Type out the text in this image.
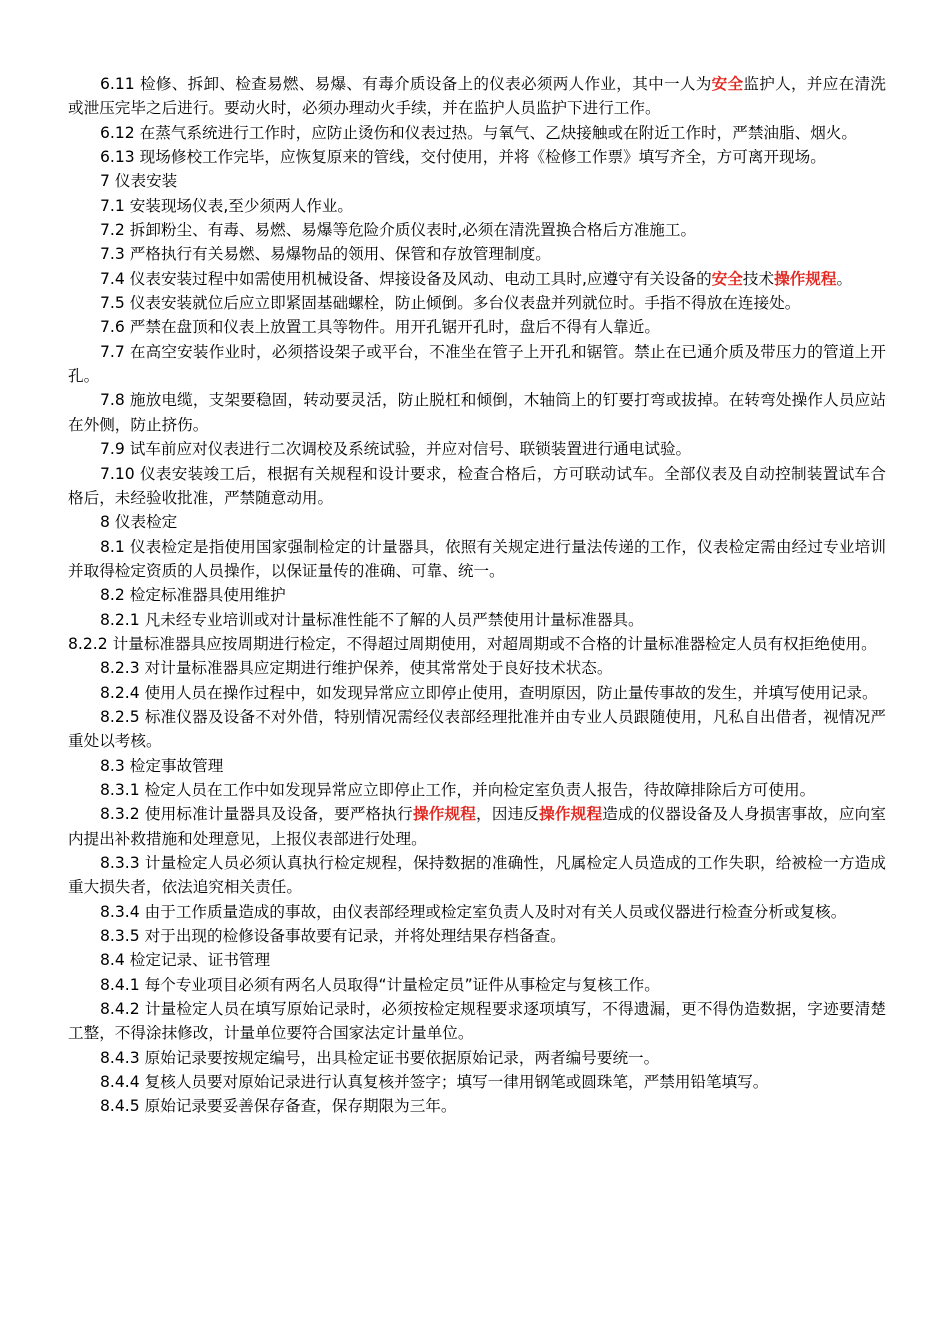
6.11 检修、拆卸、检查易燃、易爆、有毒介质设备上的仪表必须两人作业，其中一人为安全监护人，并应在清洗或泄压完毕之后进行。要动火时，必须办理动火手续，并在监护人员监护下进行工作。

6.12 在蒸气系统进行工作时，应防止烫伤和仪表过热。与氧气、乙炔接触或在附近工作时，严禁油脂、烟火。

6.13 现场修校工作完毕，应恢复原来的管线，交付使用，并将《检修工作票》填写齐全，方可离开现场。

7 仪表安装

7.1 安装现场仪表,至少须两人作业。

7.2 拆卸粉尘、有毒、易燃、易爆等危险介质仪表时,必须在清洗置换合格后方准施工。

7.3 严格执行有关易燃、易爆物品的领用、保管和存放管理制度。

7.4 仪表安装过程中如需使用机械设备、焊接设备及风动、电动工具时,应遵守有关设备的安全技术操作规程。

7.5 仪表安装就位后应立即紧固基础螺栓，防止倾倒。多台仪表盘并列就位时。手指不得放在连接处。

7.6 严禁在盘顶和仪表上放置工具等物件。用开孔锯开孔时，盘后不得有人靠近。

7.7 在高空安装作业时，必须搭设架子或平台，不准坐在管子上开孔和锯管。禁止在已通介质及带压力的管道上开孔。

7.8 施放电缆，支架要稳固，转动要灵活，防止脱杠和倾倒，木轴筒上的钉要打弯或拔掉。在转弯处操作人员应站在外侧，防止挤伤。

7.9 试车前应对仪表进行二次调校及系统试验，并应对信号、联锁装置进行通电试验。

7.10 仪表安装竣工后，根据有关规程和设计要求，检查合格后，方可联动试车。全部仪表及自动控制装置试车合格后，未经验收批准，严禁随意动用。

8 仪表检定

8.1 仪表检定是指使用国家强制检定的计量器具，依照有关规定进行量法传递的工作，仪表检定需由经过专业培训并取得检定资质的人员操作，以保证量传的准确、可靠、统一。

8.2 检定标准器具使用维护

8.2.1 凡未经专业培训或对计量标准性能不了解的人员严禁使用计量标准器具。

8.2.2 计量标准器具应按周期进行检定，不得超过周期使用，对超周期或不合格的计量标准器检定人员有权拒绝使用。

8.2.3 对计量标准器具应定期进行维护保养，使其常常处于良好技术状态。

8.2.4 使用人员在操作过程中，如发现异常应立即停止使用，查明原因，防止量传事故的发生，并填写使用记录。

8.2.5 标准仪器及设备不对外借，特别情况需经仪表部经理批准并由专业人员跟随使用，凡私自出借者，视情况严重处以考核。

8.3 检定事故管理

8.3.1 检定人员在工作中如发现异常应立即停止工作，并向检定室负责人报告，待故障排除后方可使用。

8.3.2 使用标准计量器具及设备，要严格执行操作规程，因违反操作规程造成的仪器设备及人身损害事故，应向室内提出补救措施和处理意见，上报仪表部进行处理。

8.3.3 计量检定人员必须认真执行检定规程，保持数据的准确性，凡属检定人员造成的工作失职，给被检一方造成重大损失者，依法追究相关责任。

8.3.4 由于工作质量造成的事故，由仪表部经理或检定室负责人及时对有关人员或仪器进行检查分析或复核。

8.3.5 对于出现的检修设备事故要有记录，并将处理结果存档备查。

8.4 检定记录、证书管理

8.4.1 每个专业项目必须有两名人员取得“计量检定员”证件从事检定与复核工作。

8.4.2 计量检定人员在填写原始记录时，必须按检定规程要求逐项填写，不得遗漏，更不得伪造数据，字迹要清楚工整，不得涂抹修改，计量单位要符合国家法定计量单位。

8.4.3 原始记录要按规定编号，出具检定证书要依据原始记录，两者编号要统一。

8.4.4 复核人员要对原始记录进行认真复核并签字；填写一律用钢笔或圆珠笔，严禁用铅笔填写。

8.4.5 原始记录要妥善保存备查，保存期限为三年。
